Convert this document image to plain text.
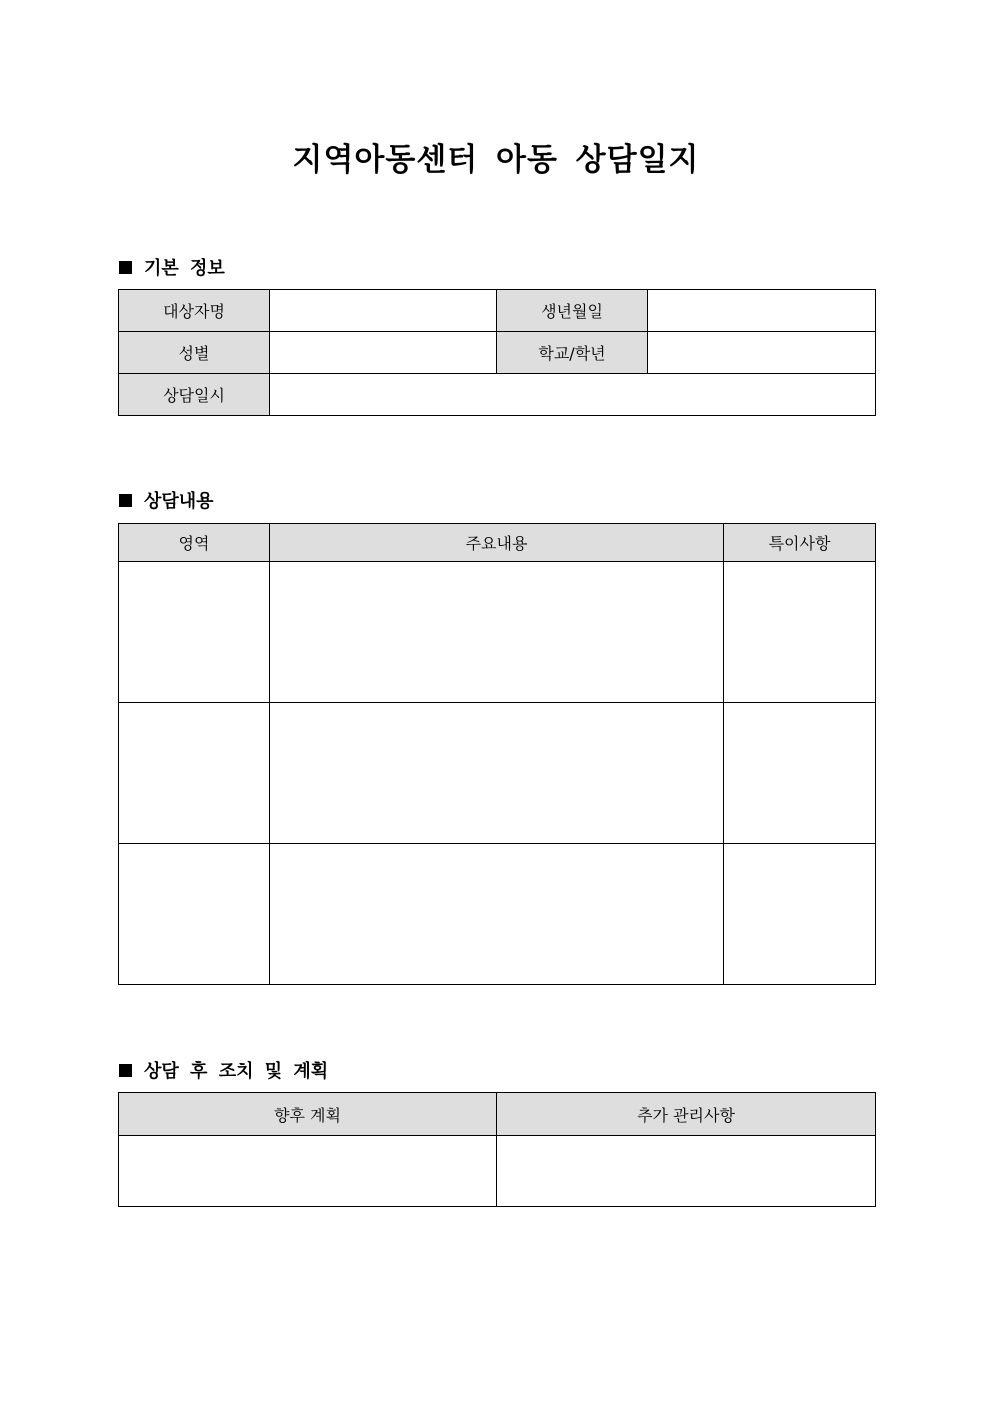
지역아동센터 아동 상담일지
기본 정보
대상자명		생년월일	
성별		학교/학년	
상담일시			
상담내용
영역	주요내용	특이사항

상담 후 조치 및 계획
향후 계획	추가 관리사항
